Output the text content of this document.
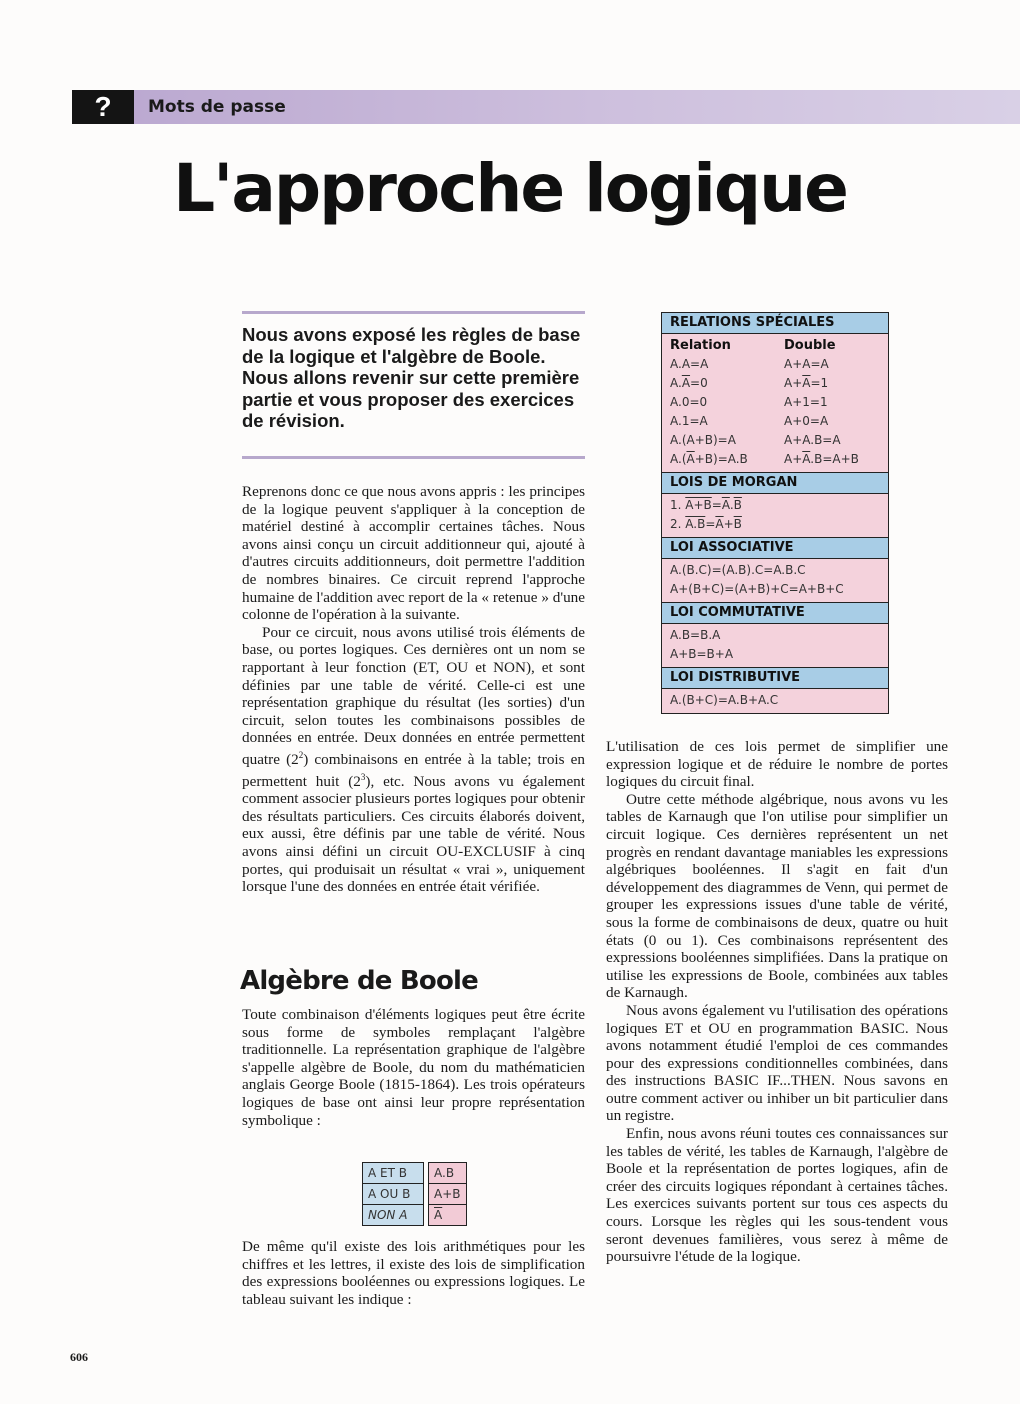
?	Mots de passe
L'approche logique
Nous avons exposé les règles de base de la logique et l'algèbre de Boole. Nous allons revenir sur cette première partie et vous proposer des exercices de révision.

Reprenons donc ce que nous avons appris : les principes de la logique peuvent s'appliquer à la conception de matériel destiné à accomplir certaines tâches. Nous avons ainsi conçu un circuit additionneur qui, ajouté à d'autres circuits additionneurs, doit permettre l'addition de nombres binaires. Ce circuit reprend l'approche humaine de l'addition avec report de la « retenue » d'une colonne de l'opération à la suivante.

Pour ce circuit, nous avons utilisé trois éléments de base, ou portes logiques. Ces dernières ont un nom se rapportant à leur fonction (ET, OU et NON), et sont définies par une table de vérité. Celle-ci est une représentation graphique du résultat (les sorties) d'un circuit, selon toutes les combinaisons possibles de données en entrée. Deux données en entrée permettent quatre $(2^2)$ combinaisons en entrée à la table; trois en permettent huit $(2^3)$, etc. Nous avons vu également comment associer plusieurs portes logiques pour obtenir des résultats particuliers. Ces circuits élaborés doivent, eux aussi, être définis par une table de vérité. Nous avons ainsi défini un circuit OU-EXCLUSIF à cinq portes, qui produisait un résultat « vrai », uniquement lorsque l'une des données en entrée était vérifiée.

Algèbre de Boole

Toute combinaison d'éléments logiques peut être écrite sous forme de symboles remplaçant l'algèbre traditionnelle. La représentation graphique de l'algèbre s'appelle algèbre de Boole, du nom du mathématicien anglais George Boole (1815-1864). Les trois opérateurs logiques de base ont ainsi leur propre représentation symbolique :

A ET B		A.B
A OU B		A+B
NON A		$\overline{A}$

De même qu'il existe des lois arithmétiques pour les chiffres et les lettres, il existe des lois de simplification des expressions booléennes ou expressions logiques. Le tableau suivant les indique :

RELATIONS SPÉCIALES
Relation	Double
A.A=A	A+A=A
$A.\overline{A}=0$	$A+\overline{A}=1$
A.0=0	A+1=1
A.1=A	A+0=A
A.(A+B)=A	A+A.B=A
$A.(\overline{A}+B)=A.B$	$A+\overline{A}.B=A+B$
LOIS DE MORGAN
1. $A+B=\overline{A}.\overline{B}$
2. $A.B=\overline{A}+\overline{B}$
LOI ASSOCIATIVE
A.(B.C)=(A.B).C=A.B.C
A+(B+C)=(A+B)+C=A+B+C
LOI COMMUTATIVE
A.B=B.A
A+B=B+A
LOI DISTRIBUTIVE
A.(B+C)=A.B+A.C

L'utilisation de ces lois permet de simplifier une expression logique et de réduire le nombre de portes logiques du circuit final.

Outre cette méthode algébrique, nous avons vu les tables de Karnaugh que l'on utilise pour simplifier un circuit logique. Ces dernières représentent un net progrès en rendant davantage maniables les expressions algébriques booléennes. Il s'agit en fait d'un développement des diagrammes de Venn, qui permet de grouper les expressions issues d'une table de vérité, sous la forme de combinaisons de deux, quatre ou huit états (0 ou 1). Ces combinaisons représentent des expressions booléennes simplifiées. Dans la pratique on utilise les expressions de Boole, combinées aux tables de Karnaugh.

Nous avons également vu l'utilisation des opérations logiques ET et OU en programmation BASIC. Nous avons notamment étudié l'emploi de ces commandes pour des expressions conditionnelles combinées, dans des instructions BASIC IF...THEN. Nous savons en outre comment activer ou inhiber un bit particulier dans un registre.

Enfin, nous avons réuni toutes ces connaissances sur les tables de vérité, les tables de Karnaugh, l'algèbre de Boole et la représentation de portes logiques, afin de créer des circuits logiques répondant à certaines tâches. Les exercices suivants portent sur tous ces aspects du cours. Lorsque les règles qui les sous-tendent vous seront devenues familières, vous serez à même de poursuivre l'étude de la logique.

606
